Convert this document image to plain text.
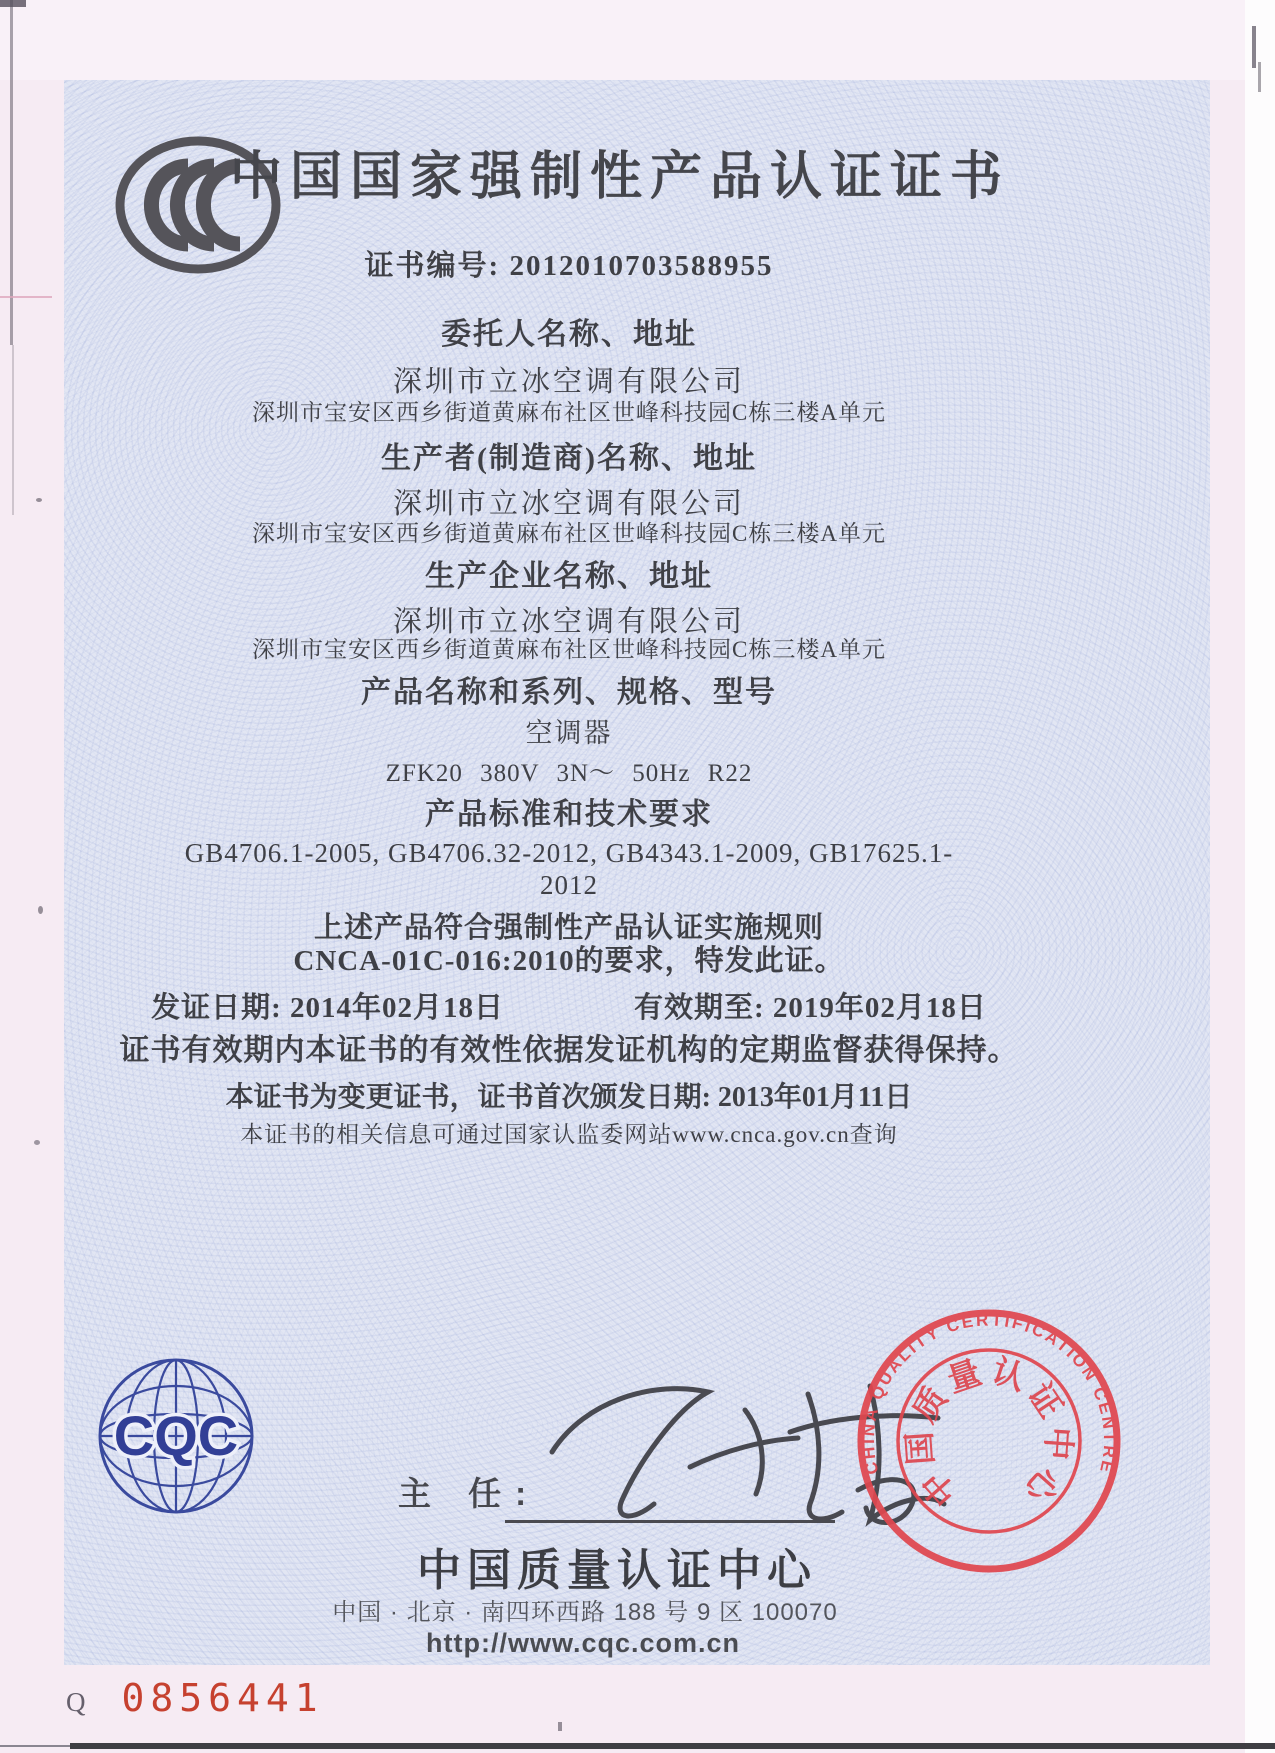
中国国家强制性产品认证证书
证书编号: 2012010703588955
委托人名称、地址
深圳市立冰空调有限公司
深圳市宝安区西乡街道黄麻布社区世峰科技园C栋三楼A单元
生产者(制造商)名称、地址
深圳市立冰空调有限公司
深圳市宝安区西乡街道黄麻布社区世峰科技园C栋三楼A单元
生产企业名称、地址
深圳市立冰空调有限公司
深圳市宝安区西乡街道黄麻布社区世峰科技园C栋三楼A单元
产品名称和系列、规格、型号
空调器
ZFK20 380V 3N～ 50Hz R22
产品标准和技术要求
GB4706.1-2005, GB4706.32-2012, GB4343.1-2009, GB17625.1-
2012
上述产品符合强制性产品认证实施规则
CNCA-01C-016:2010的要求，特发此证。
发证日期: 2014年02月18日	有效期至: 2019年02月18日
证书有效期内本证书的有效性依据发证机构的定期监督获得保持。
本证书为变更证书，证书首次颁发日期: 2013年01月11日
本证书的相关信息可通过国家认监委网站www.cnca.gov.cn查询
CQC
主 任:
中国质量认证中心
中国 · 北京 · 南四环西路 188 号 9 区 100070
http://www.cqc.com.cn
CHINA QUALITY CERTIFICATION CENTRE
中国质量认证中心
Q 0856441
